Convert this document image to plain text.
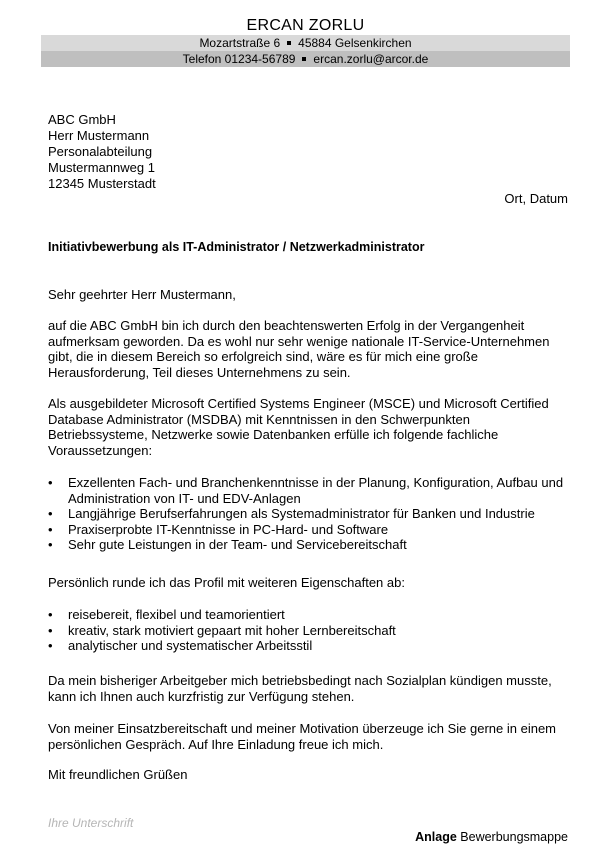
ERCAN ZORLU
Mozartstraße 6 45884 Gelsenkirchen
Telefon 01234-56789 ercan.zorlu@arcor.de
ABC GmbH
Herr Mustermann
Personalabteilung
Mustermannweg 1
12345 Musterstadt
Ort, Datum
Initiativbewerbung als IT-Administrator / Netzwerkadministrator
Sehr geehrter Herr Mustermann,
auf die ABC GmbH bin ich durch den beachtenswerten Erfolg in der Vergangenheit aufmerksam geworden. Da es wohl nur sehr wenige nationale IT-Service-Unternehmen gibt, die in diesem Bereich so erfolgreich sind, wäre es für mich eine große Herausforderung, Teil dieses Unternehmens zu sein.
Als ausgebildeter Microsoft Certified Systems Engineer (MSCE) und Microsoft Certified Database Administrator (MSDBA) mit Kenntnissen in den Schwerpunkten Betriebssysteme, Netzwerke sowie Datenbanken erfülle ich folgende fachliche Voraussetzungen:
• Exzellenten Fach- und Branchenkenntnisse in der Planung, Konfiguration, Aufbau und Administration von IT- und EDV-Anlagen
• Langjährige Berufserfahrungen als Systemadministrator für Banken und Industrie
• Praxiserprobte IT-Kenntnisse in PC-Hard- und Software
• Sehr gute Leistungen in der Team- und Servicebereitschaft
Persönlich runde ich das Profil mit weiteren Eigenschaften ab:
• reisebereit, flexibel und teamorientiert
• kreativ, stark motiviert gepaart mit hoher Lernbereitschaft
• analytischer und systematischer Arbeitsstil
Da mein bisheriger Arbeitgeber mich betriebsbedingt nach Sozialplan kündigen musste, kann ich Ihnen auch kurzfristig zur Verfügung stehen.
Von meiner Einsatzbereitschaft und meiner Motivation überzeuge ich Sie gerne in einem persönlichen Gespräch. Auf Ihre Einladung freue ich mich.
Mit freundlichen Grüßen
Ihre Unterschrift
Anlage Bewerbungsmappe
